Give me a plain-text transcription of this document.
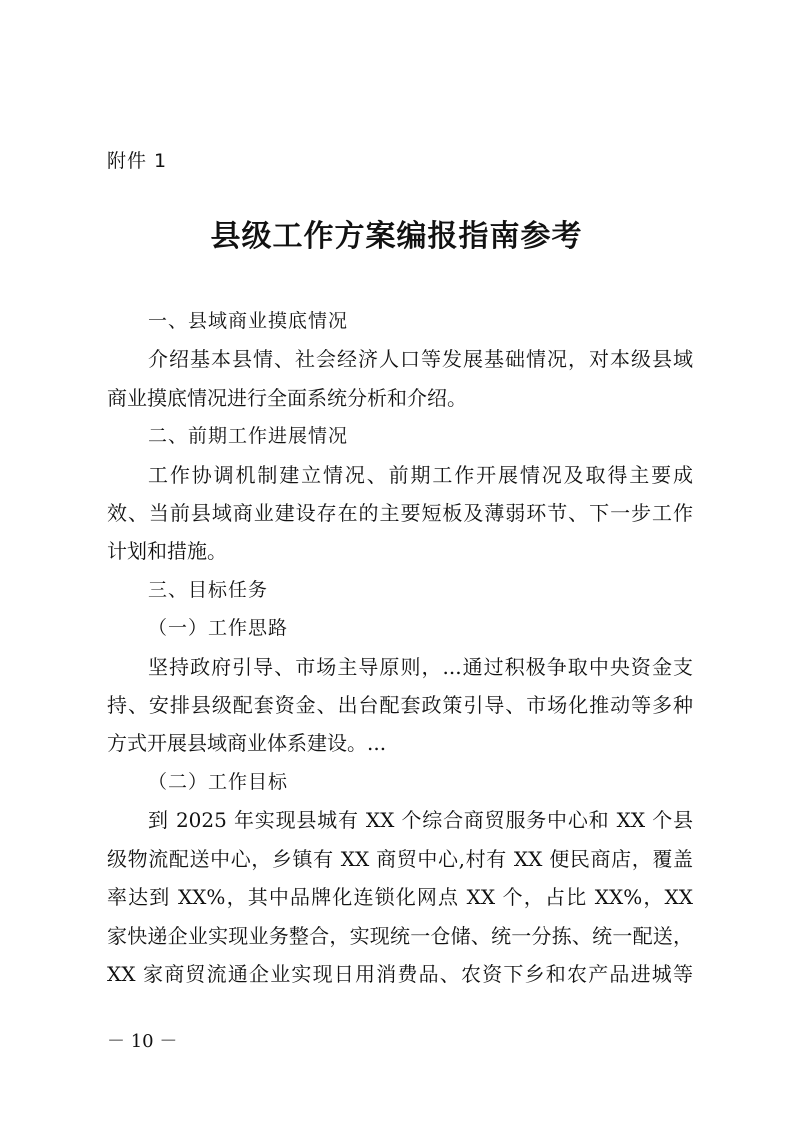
附件 1
县级工作方案编报指南参考
一、县域商业摸底情况

介绍基本县情、社会经济人口等发展基础情况，对本级县域
商业摸底情况进行全面系统分析和介绍。

二、前期工作进展情况

工作协调机制建立情况、前期工作开展情况及取得主要成
效、当前县域商业建设存在的主要短板及薄弱环节、下一步工作
计划和措施。

三、目标任务
（一）工作思路

坚持政府引导、市场主导原则，...通过积极争取中央资金支
持、安排县级配套资金、出台配套政策引导、市场化推动等多种
方式开展县域商业体系建设。...

（二）工作目标

到 2025 年实现县城有 XX 个综合商贸服务中心和 XX 个县
级物流配送中心，乡镇有 XX 商贸中心,村有 XX 便民商店，覆盖
率达到 XX%，其中品牌化连锁化网点 XX 个，占比 XX%，XX
家快递企业实现业务整合，实现统一仓储、统一分拣、统一配送，
XX 家商贸流通企业实现日用消费品、农资下乡和农产品进城等

－ 10 －
